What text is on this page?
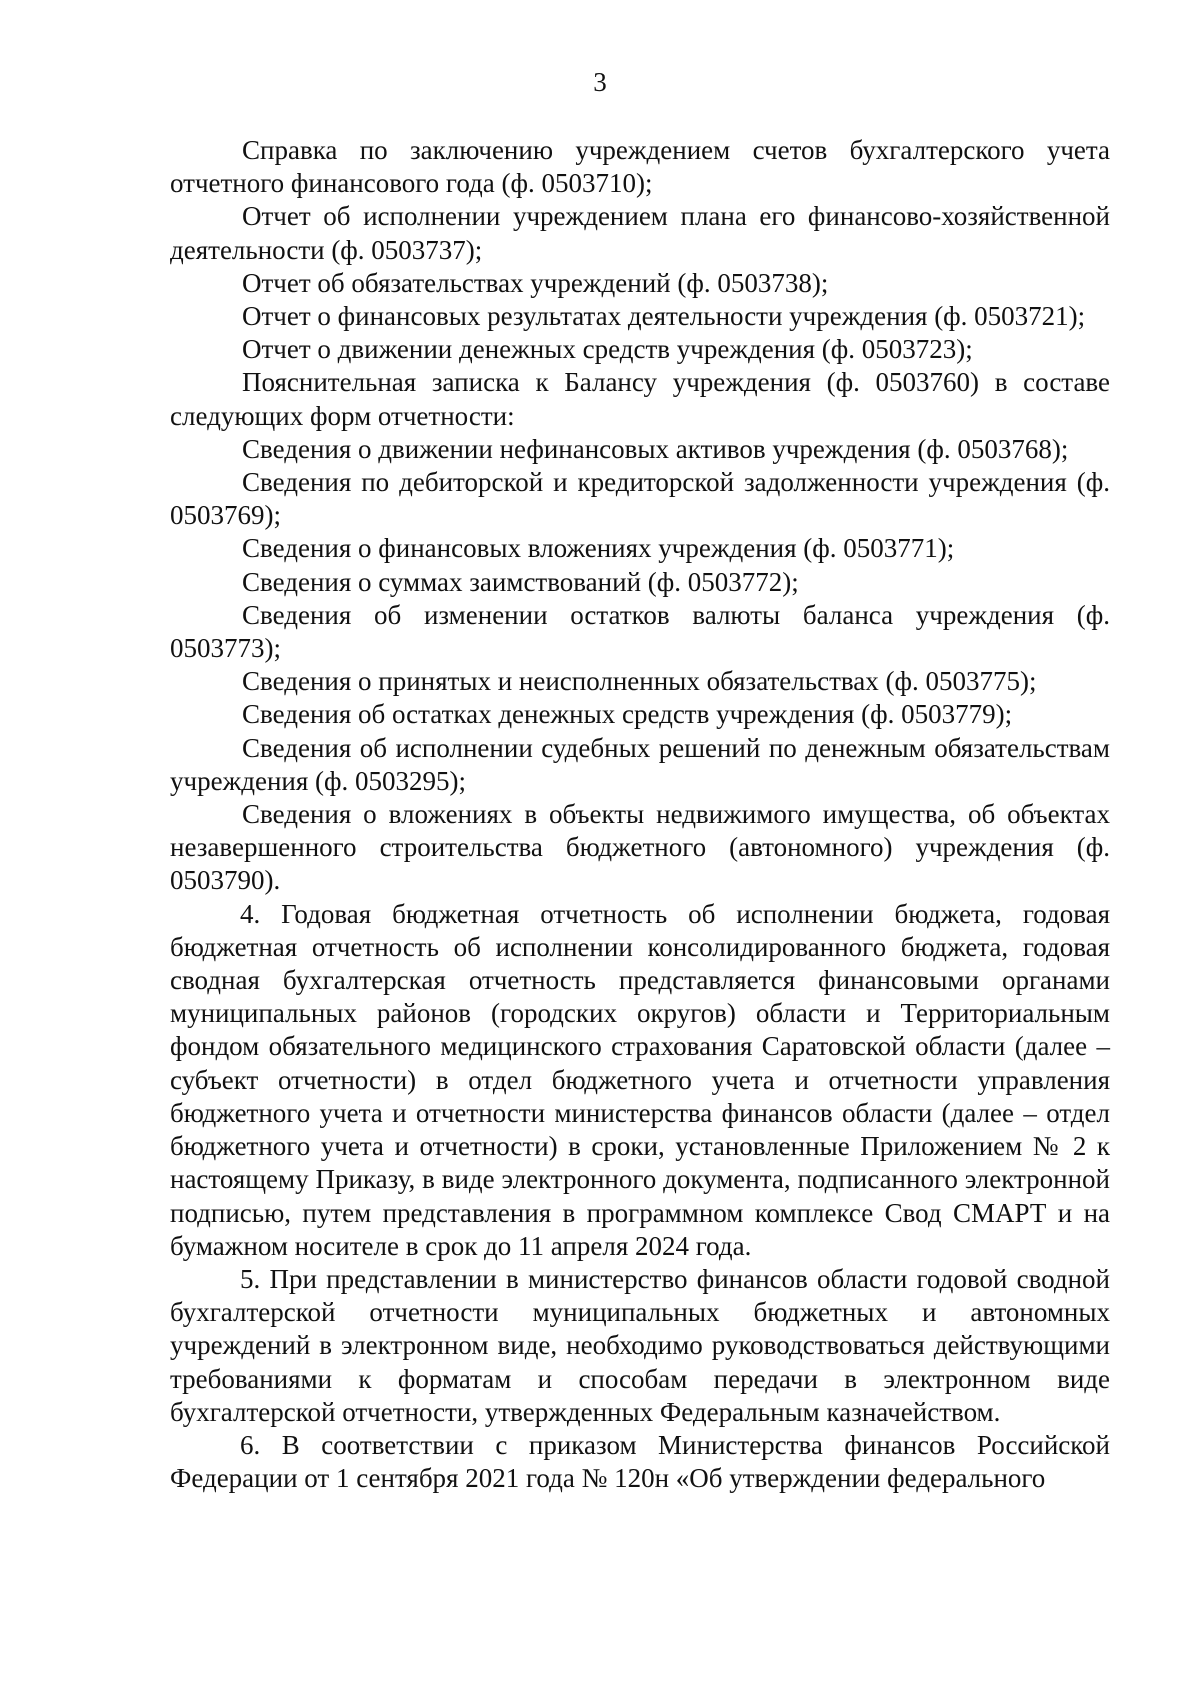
3

Справка по заключению учреждением счетов бухгалтерского учета отчетного финансового года (ф. 0503710);

Отчет об исполнении учреждением плана его финансово-хозяйственной деятельности (ф. 0503737);

Отчет об обязательствах учреждений (ф. 0503738);

Отчет о финансовых результатах деятельности учреждения (ф. 0503721);

Отчет о движении денежных средств учреждения (ф. 0503723);

Пояснительная записка к Балансу учреждения (ф. 0503760) в составе следующих форм отчетности:

Сведения о движении нефинансовых активов учреждения (ф. 0503768);

Сведения по дебиторской и кредиторской задолженности учреждения (ф. 0503769);

Сведения о финансовых вложениях учреждения (ф. 0503771);

Сведения о суммах заимствований (ф. 0503772);

Сведения об изменении остатков валюты баланса учреждения (ф. 0503773);

Сведения о принятых и неисполненных обязательствах (ф. 0503775);

Сведения об остатках денежных средств учреждения (ф. 0503779);

Сведения об исполнении судебных решений по денежным обязательствам учреждения (ф. 0503295);

Сведения о вложениях в объекты недвижимого имущества, об объектах незавершенного строительства бюджетного (автономного) учреждения (ф. 0503790).

4. Годовая бюджетная отчетность об исполнении бюджета, годовая бюджетная отчетность об исполнении консолидированного бюджета, годовая сводная бухгалтерская отчетность представляется финансовыми органами муниципальных районов (городских округов) области и Территориальным фондом обязательного медицинского страхования Саратовской области (далее – субъект отчетности) в отдел бюджетного учета и отчетности управления бюджетного учета и отчетности министерства финансов области (далее – отдел бюджетного учета и отчетности) в сроки, установленные Приложением № 2 к настоящему Приказу, в виде электронного документа, подписанного электронной подписью, путем представления в программном комплексе Свод СМАРТ и на бумажном носителе в срок до 11 апреля 2024 года.

5. При представлении в министерство финансов области годовой сводной бухгалтерской отчетности муниципальных бюджетных и автономных учреждений в электронном виде, необходимо руководствоваться действующими требованиями к форматам и способам передачи в электронном виде бухгалтерской отчетности, утвержденных Федеральным казначейством.

6. В соответствии с приказом Министерства финансов Российской Федерации от 1 сентября 2021 года № 120н «Об утверждении федерального
